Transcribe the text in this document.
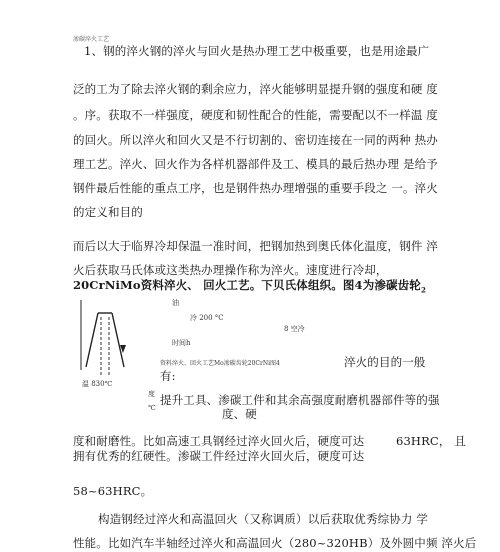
渗碳淬火工艺
1、钢的淬火钢的淬火与回火是热办理工艺中极重要，也是用途最广
泛的工为了除去淬火钢的剩余应力，淬火能够明显提升钢的强度和硬 度
。序。获取不一样强度，硬度和韧性配合的性能，需要配以不一样温 度
的回火。所以淬火和回火又是不行切割的、密切连接在一同的两种 热办
理工艺。淬火、回火作为各样机器部件及工、模具的最后热办理 是给予
钢件最后性能的重点工序，也是钢件热办理增强的重要手段之 一。淬火
的定义和目的
而后以大于临界冷却保温一准时间，把钢加热到奥氏体化温度，钢件 淬
火后获取马氏体或这类热办理操作称为淬火。速度进行冷却，
20CrNiMo资料淬火、 回火工艺。下贝氏体组织。图4为渗碳齿轮$_2$
油
冷 200 °C
8 空冷
时间h
资料淬火、回火工艺Mo渗碳齿轮20CrNi图4
温 830℃
淬火的目的一般
有:
度
℃
提升工具、渗碳工件和其余高强度耐磨机器部件等的强
度、硬
度和耐磨性。比如高速工具钢经过淬火回火后，硬度可达	63HRC， 且
拥有优秀的红硬性。渗碳工件经过淬火回火后，硬度可达
58~63HRC。
构造钢经过淬火和高温回火（又称调质）以后获取优秀综协力 学
性能。比如汽车半轴经过淬火和高温回火（280~320HB）及外圆中频 淬火后
